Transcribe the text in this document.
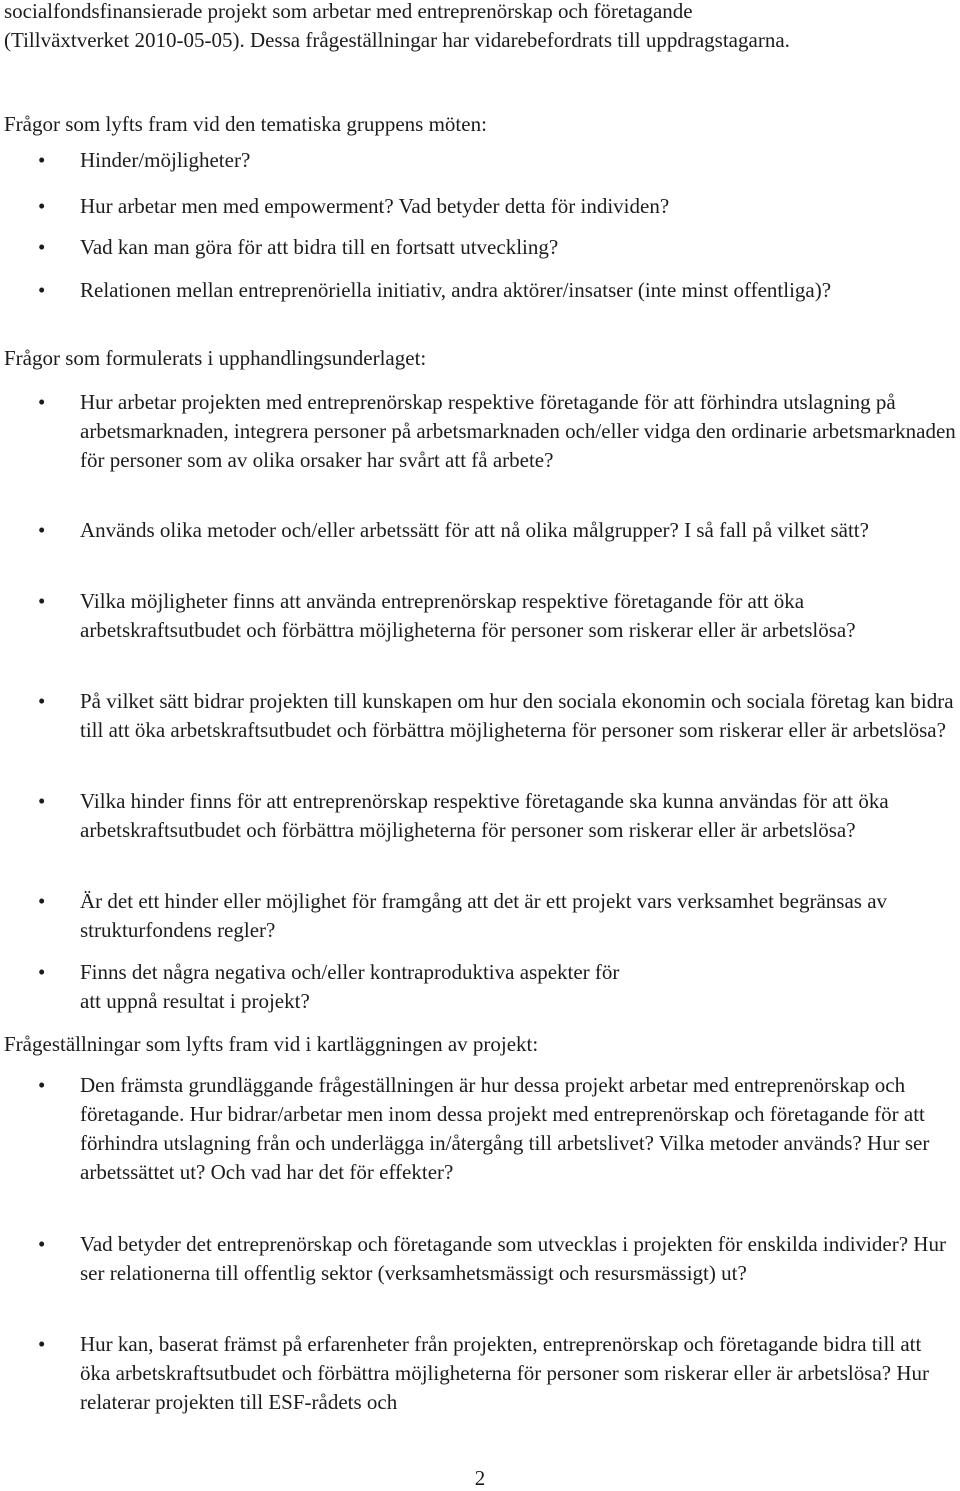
socialfondsfinansierade projekt som arbetar med entreprenörskap och företagande
(Tillväxtverket 2010-05-05). Dessa frågeställningar har vidarebefordrats till uppdragstagarna.
Frågor som lyfts fram vid den tematiska gruppens möten:
• Hinder/möjligheter?
• Hur arbetar men med empowerment? Vad betyder detta för individen?
• Vad kan man göra för att bidra till en fortsatt utveckling?
• Relationen mellan entreprenöriella initiativ, andra aktörer/insatser (inte minst offentliga)?
Frågor som formulerats i upphandlingsunderlaget:
• Hur arbetar projekten med entreprenörskap respektive företagande för att förhindra utslagning på arbetsmarknaden, integrera personer på arbetsmarknaden och/eller vidga den ordinarie arbetsmarknaden för personer som av olika orsaker har svårt att få arbete?
• Används olika metoder och/eller arbetssätt för att nå olika målgrupper? I så fall på vilket sätt?
• Vilka möjligheter finns att använda entreprenörskap respektive företagande för att öka arbetskraftsutbudet och förbättra möjligheterna för personer som riskerar eller är arbetslösa?
• På vilket sätt bidrar projekten till kunskapen om hur den sociala ekonomin och sociala företag kan bidra till att öka arbetskraftsutbudet och förbättra möjligheterna för personer som riskerar eller är arbetslösa?
• Vilka hinder finns för att entreprenörskap respektive företagande ska kunna användas för att öka arbetskraftsutbudet och förbättra möjligheterna för personer som riskerar eller är arbetslösa?
• Är det ett hinder eller möjlighet för framgång att det är ett projekt vars verksamhet begränsas av strukturfondens regler?
• Finns det några negativa och/eller kontraproduktiva aspekter för att uppnå resultat i projekt?
Frågeställningar som lyfts fram vid i kartläggningen av projekt:
• Den främsta grundläggande frågeställningen är hur dessa projekt arbetar med entreprenörskap och företagande. Hur bidrar/arbetar men inom dessa projekt med entreprenörskap och företagande för att förhindra utslagning från och underlägga in/återgång till arbetslivet? Vilka metoder används? Hur ser arbetssättet ut? Och vad har det för effekter?
• Vad betyder det entreprenörskap och företagande som utvecklas i projekten för enskilda individer? Hur ser relationerna till offentlig sektor (verksamhetsmässigt och resursmässigt) ut?
• Hur kan, baserat främst på erfarenheter från projekten, entreprenörskap och företagande bidra till att öka arbetskraftsutbudet och förbättra möjligheterna för personer som riskerar eller är arbetslösa? Hur relaterar projekten till ESF-rådets och
2
